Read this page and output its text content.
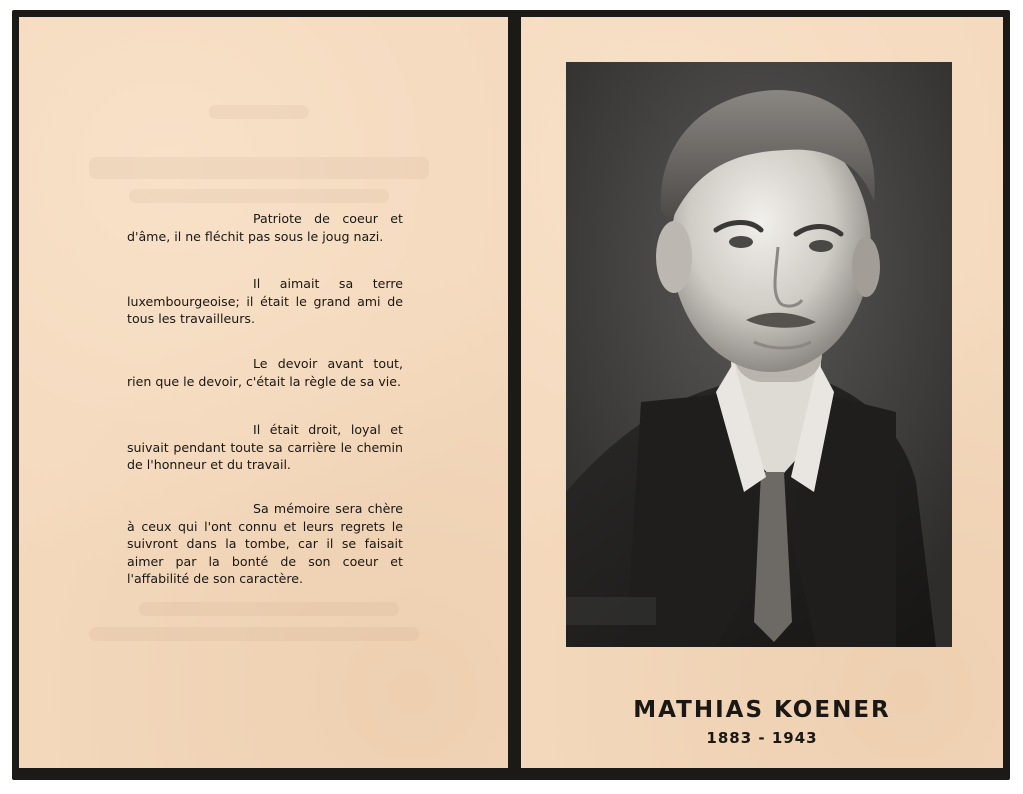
Patriote de coeur et d'âme, il ne fléchit pas sous le joug nazi.

Il aimait sa terre luxembourgeoise; il était le grand ami de tous les travailleurs.

Le devoir avant tout, rien que le devoir, c'était la règle de sa vie.

Il était droit, loyal et suivait pendant toute sa carrière le chemin de l'honneur et du travail.

Sa mémoire sera chère à ceux qui l'ont connu et leurs regrets le suivront dans la tombe, car il se faisait aimer par la bonté de son coeur et l'affabilité de son caractère.

MATHIAS KOENER
1883 - 1943
